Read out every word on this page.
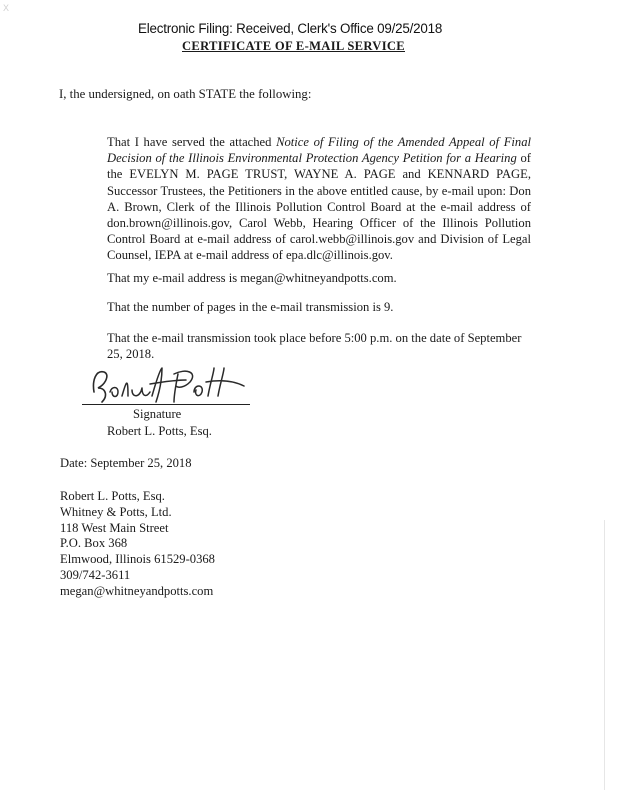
X
Electronic Filing: Received, Clerk's Office 09/25/2018
CERTIFICATE OF E-MAIL SERVICE

I, the undersigned, on oath STATE the following:

That I have served the attached Notice of Filing of the Amended Appeal of Final Decision of the Illinois Environmental Protection Agency Petition for a Hearing of the EVELYN M. PAGE TRUST, WAYNE A. PAGE and KENNARD PAGE, Successor Trustees, the Petitioners in the above entitled cause, by e-mail upon: Don A. Brown, Clerk of the Illinois Pollution Control Board at the e-mail address of don.brown@illinois.gov, Carol Webb, Hearing Officer of the Illinois Pollution Control Board at e-mail address of carol.webb@illinois.gov and Division of Legal Counsel, IEPA at e-mail address of epa.dlc@illinois.gov.

That my e-mail address is megan@whitneyandpotts.com.

That the number of pages in the e-mail transmission is 9.

That the e-mail transmission took place before 5:00 p.m. on the date of September 25, 2018.

Signature
Robert L. Potts, Esq.

Date: September 25, 2018

Robert L. Potts, Esq.
Whitney & Potts, Ltd.
118 West Main Street
P.O. Box 368
Elmwood, Illinois 61529-0368
309/742-3611
megan@whitneyandpotts.com
